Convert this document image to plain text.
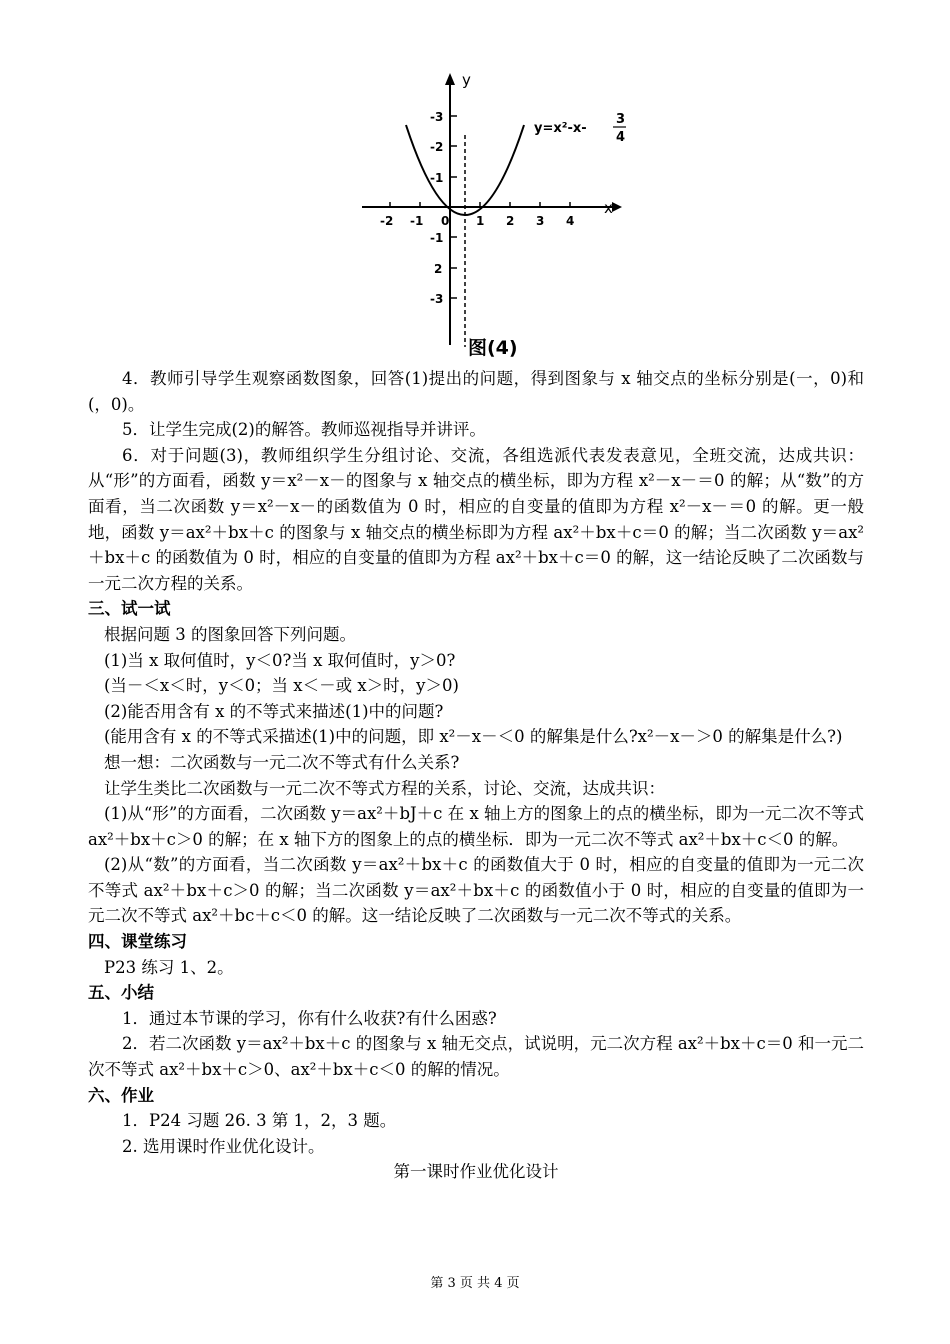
x
y
-2 -1 0 1 2 3 4
-3
-2
-1
-1
2
-3
y=x²-x-
3
4
图(4)

4．教师引导学生观察函数图象，回答(1)提出的问题，得到图象与 x 轴交点的坐标分别是(一，0)和(，0)。

5．让学生完成(2)的解答。教师巡视指导并讲评。

6．对于问题(3)，教师组织学生分组讨论、交流，各组选派代表发表意见，全班交流，达成共识：从“形”的方面看，函数 y＝x²－x－的图象与 x 轴交点的横坐标，即为方程 x²－x－＝0 的解；从“数”的方面看，当二次函数 y＝x²－x－的函数值为 0 时，相应的自变量的值即为方程 x²－x－＝0 的解。更一般地，函数 y＝ax²＋bx＋c 的图象与 x 轴交点的横坐标即为方程 ax²＋bx＋c＝0 的解；当二次函数 y＝ax²＋bx＋c 的函数值为 0 时，相应的自变量的值即为方程 ax²＋bx＋c＝0 的解，这一结论反映了二次函数与一元二次方程的关系。

三、试一试

根据问题 3 的图象回答下列问题。

(1)当 x 取何值时，y＜0?当 x 取何值时，y＞0?

(当－＜x＜时，y＜0；当 x＜－或 x＞时，y＞0)

(2)能否用含有 x 的不等式来描述(1)中的问题?

(能用含有 x 的不等式采描述(1)中的问题，即 x²－x－＜0 的解集是什么?x²－x－＞0 的解集是什么?)

想一想：二次函数与一元二次不等式有什么关系?

让学生类比二次函数与一元二次不等式方程的关系，讨论、交流，达成共识：

(1)从“形”的方面看，二次函数 y＝ax²＋bJ＋c 在 x 轴上方的图象上的点的横坐标，即为一元二次不等式 ax²＋bx＋c＞0 的解；在 x 轴下方的图象上的点的横坐标．即为一元二次不等式 ax²＋bx＋c＜0 的解。

(2)从“数”的方面看，当二次函数 y＝ax²＋bx＋c 的函数值大于 0 时，相应的自变量的值即为一元二次不等式 ax²＋bx＋c＞0 的解；当二次函数 y＝ax²＋bx＋c 的函数值小于 0 时，相应的自变量的值即为一元二次不等式 ax²＋bc＋c＜0 的解。这一结论反映了二次函数与一元二次不等式的关系。

四、课堂练习

P23 练习 1、2。

五、小结

1．通过本节课的学习，你有什么收获?有什么困惑?

2．若二次函数 y＝ax²＋bx＋c 的图象与 x 轴无交点，试说明，元二次方程 ax²＋bx＋c＝0 和一元二次不等式 ax²＋bx＋c＞0、ax²＋bx＋c＜0 的解的情况。

六、作业

1．P24 习题 26. 3 第 1，2，3 题。

2. 选用课时作业优化设计。

第一课时作业优化设计

第 3 页 共 4 页
